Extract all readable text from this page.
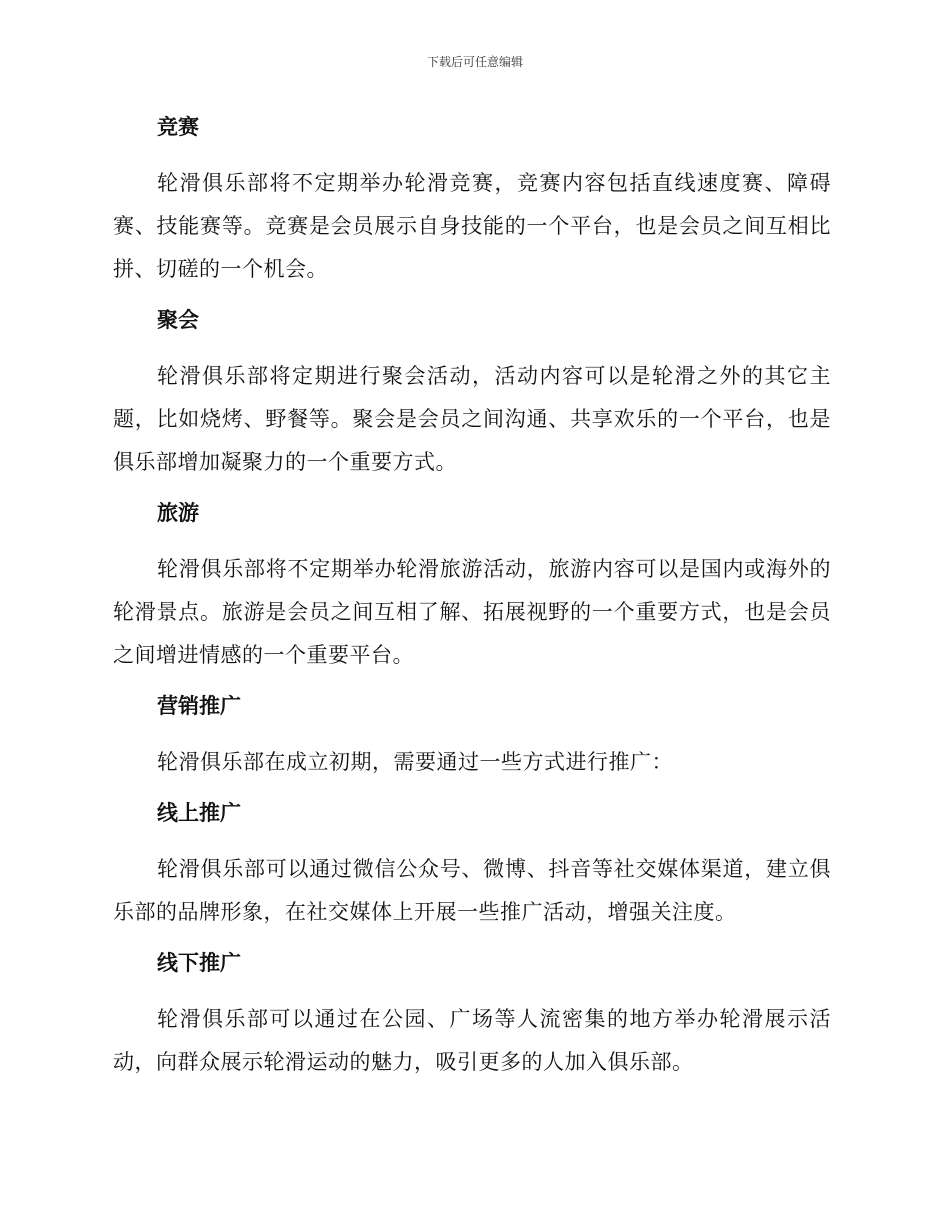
下载后可任意编辑
竞赛

轮滑俱乐部将不定期举办轮滑竞赛，竞赛内容包括直线速度赛、障碍赛、技能赛等。竞赛是会员展示自身技能的一个平台，也是会员之间互相比拼、切磋的一个机会。

聚会

轮滑俱乐部将定期进行聚会活动，活动内容可以是轮滑之外的其它主题，比如烧烤、野餐等。聚会是会员之间沟通、共享欢乐的一个平台，也是俱乐部增加凝聚力的一个重要方式。

旅游

轮滑俱乐部将不定期举办轮滑旅游活动，旅游内容可以是国内或海外的轮滑景点。旅游是会员之间互相了解、拓展视野的一个重要方式，也是会员之间增进情感的一个重要平台。

营销推广

轮滑俱乐部在成立初期，需要通过一些方式进行推广：

线上推广

轮滑俱乐部可以通过微信公众号、微博、抖音等社交媒体渠道，建立俱乐部的品牌形象，在社交媒体上开展一些推广活动，增强关注度。

线下推广

轮滑俱乐部可以通过在公园、广场等人流密集的地方举办轮滑展示活动，向群众展示轮滑运动的魅力，吸引更多的人加入俱乐部。
